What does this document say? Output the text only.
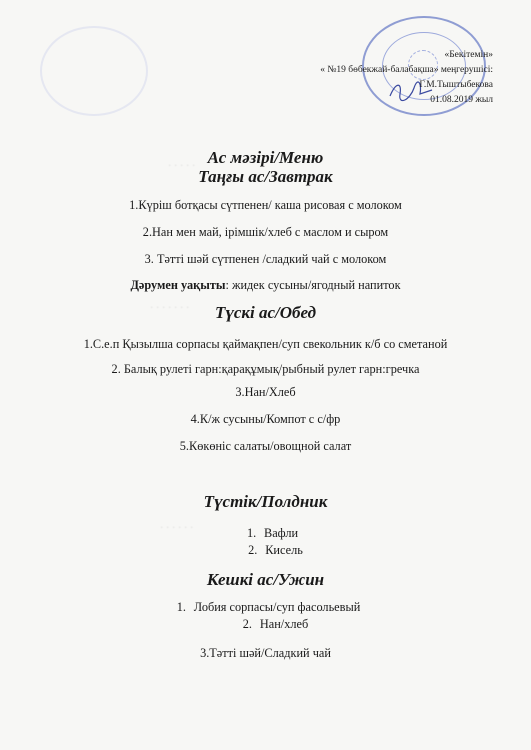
· · · · ·
· · · · · · ·
· · · · · ·
«Бекітемін»
« №19 бөбекжай-балабақша» меңгерушісі:
Г.М.Тыштыбекова
01.08.2019 жыл
Ас мәзірі/Меню
Таңғы ас/Завтрак
1.Күріш ботқасы сүтпенен/ каша рисовая с молоком
2.Нан мен май, ірімшік/хлеб с маслом и сыром
3. Тәтті шәй сүтпенен /сладкий чай с молоком
Дәрумен уақыты: жидек сусыны/ягодный напиток
Түскі ас/Обед
1.С.е.п Қызылша сорпасы қаймақпен/суп свекольник к/б со сметаной
2. Балық рулеті гарн:қарақұмық/рыбный рулет гарн:гречка
3.Нан/Хлеб
4.К/ж сусыны/Компот с с/фр
5.Көкөніс салаты/овощной салат
Түстік/Полдник
1. Вафли
2. Кисель
Кешкі ас/Ужин
1. Лобия сорпасы/суп фасольевый
2. Нан/хлеб
3.Тәтті шәй/Сладкий чай
